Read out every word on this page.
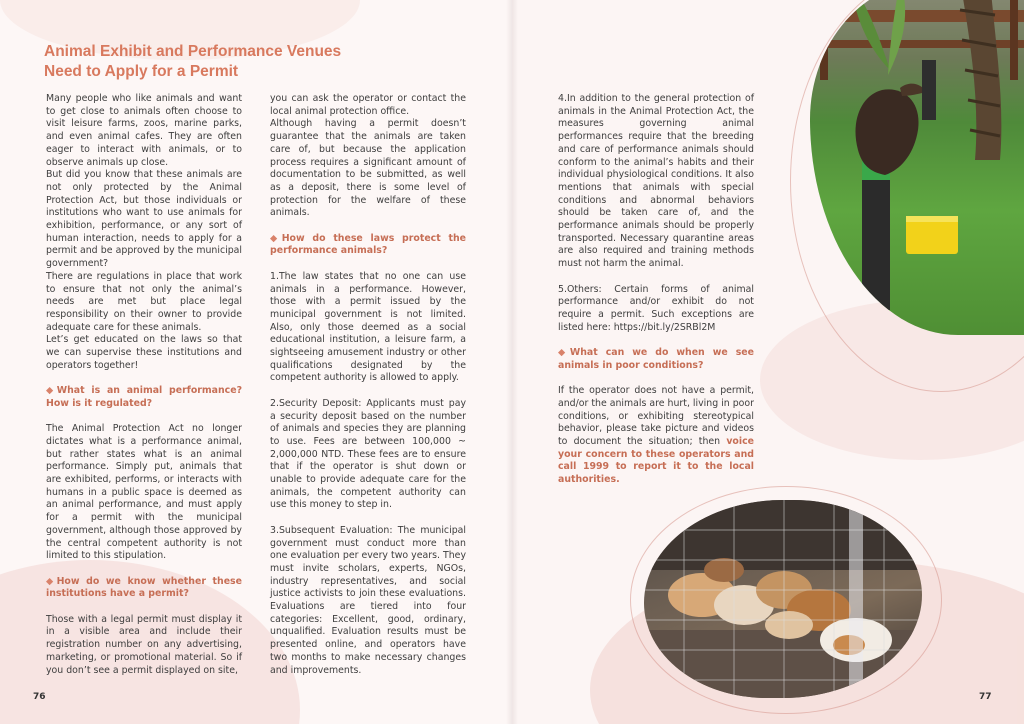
Animal Exhibit and Performance Venues
Need to Apply for a Permit

Many people who like animals and want to get close to animals often choose to visit leisure farms, zoos, marine parks, and even animal cafes. They are often eager to interact with animals, or to observe animals up close.

But did you know that these animals are not only protected by the Animal Protection Act, but those individuals or institutions who want to use animals for exhibition, performance, or any sort of human interaction, needs to apply for a permit and be approved by the municipal government?

There are regulations in place that work to ensure that not only the animal’s needs are met but place legal responsibility on their owner to provide adequate care for these animals.

Let’s get educated on the laws so that we can supervise these institutions and operators together!

◆What is an animal performance? How is it regulated?

The Animal Protection Act no longer dictates what is a performance animal, but rather states what is an animal performance. Simply put, animals that are exhibited, performs, or interacts with humans in a public space is deemed as an animal performance, and must apply for a permit with the municipal government, although those approved by the central competent authority is not limited to this stipulation.

◆How do we know whether these institutions have a permit?

Those with a legal permit must display it in a visible area and include their registration number on any advertising, marketing, or promotional material. So if you don’t see a permit displayed on site,

you can ask the operator or contact the local animal protection office.

Although having a permit doesn’t guarantee that the animals are taken care of, but because the application process requires a significant amount of documentation to be submitted, as well as a deposit, there is some level of protection for the welfare of these animals.

◆How do these laws protect the performance animals?

1.The law states that no one can use animals in a performance. However, those with a permit issued by the municipal government is not limited. Also, only those deemed as a social educational institution, a leisure farm, a sightseeing amusement industry or other qualifications designated by the competent authority is allowed to apply.

2.Security Deposit: Applicants must pay a security deposit based on the number of animals and species they are planning to use. Fees are between 100,000 ~ 2,000,000 NTD. These fees are to ensure that if the operator is shut down or unable to provide adequate care for the animals, the competent authority can use this money to step in.

3.Subsequent Evaluation: The municipal government must conduct more than one evaluation per every two years. They must invite scholars, experts, NGOs, industry representatives, and social justice activists to join these evaluations. Evaluations are tiered into four categories: Excellent, good, ordinary, unqualified. Evaluation results must be presented online, and operators have two months to make necessary changes and improvements.

4.In addition to the general protection of animals in the Animal Protection Act, the measures governing animal performances require that the breeding and care of performance animals should conform to the animal’s habits and their individual physiological conditions. It also mentions that animals with special conditions and abnormal behaviors should be taken care of, and the performance animals should be properly transported. Necessary quarantine areas are also required and training methods must not harm the animal.

5.Others: Certain forms of animal performance and/or exhibit do not require a permit. Such exceptions are listed here: https://bit.ly/2SRBl2M

◆What can we do when we see animals in poor conditions?

If the operator does not have a permit, and/or the animals are hurt, living in poor conditions, or exhibiting stereotypical behavior, please take picture and videos to document the situation; then voice your concern to these operators and call 1999 to report it to the local authorities.

76	77
